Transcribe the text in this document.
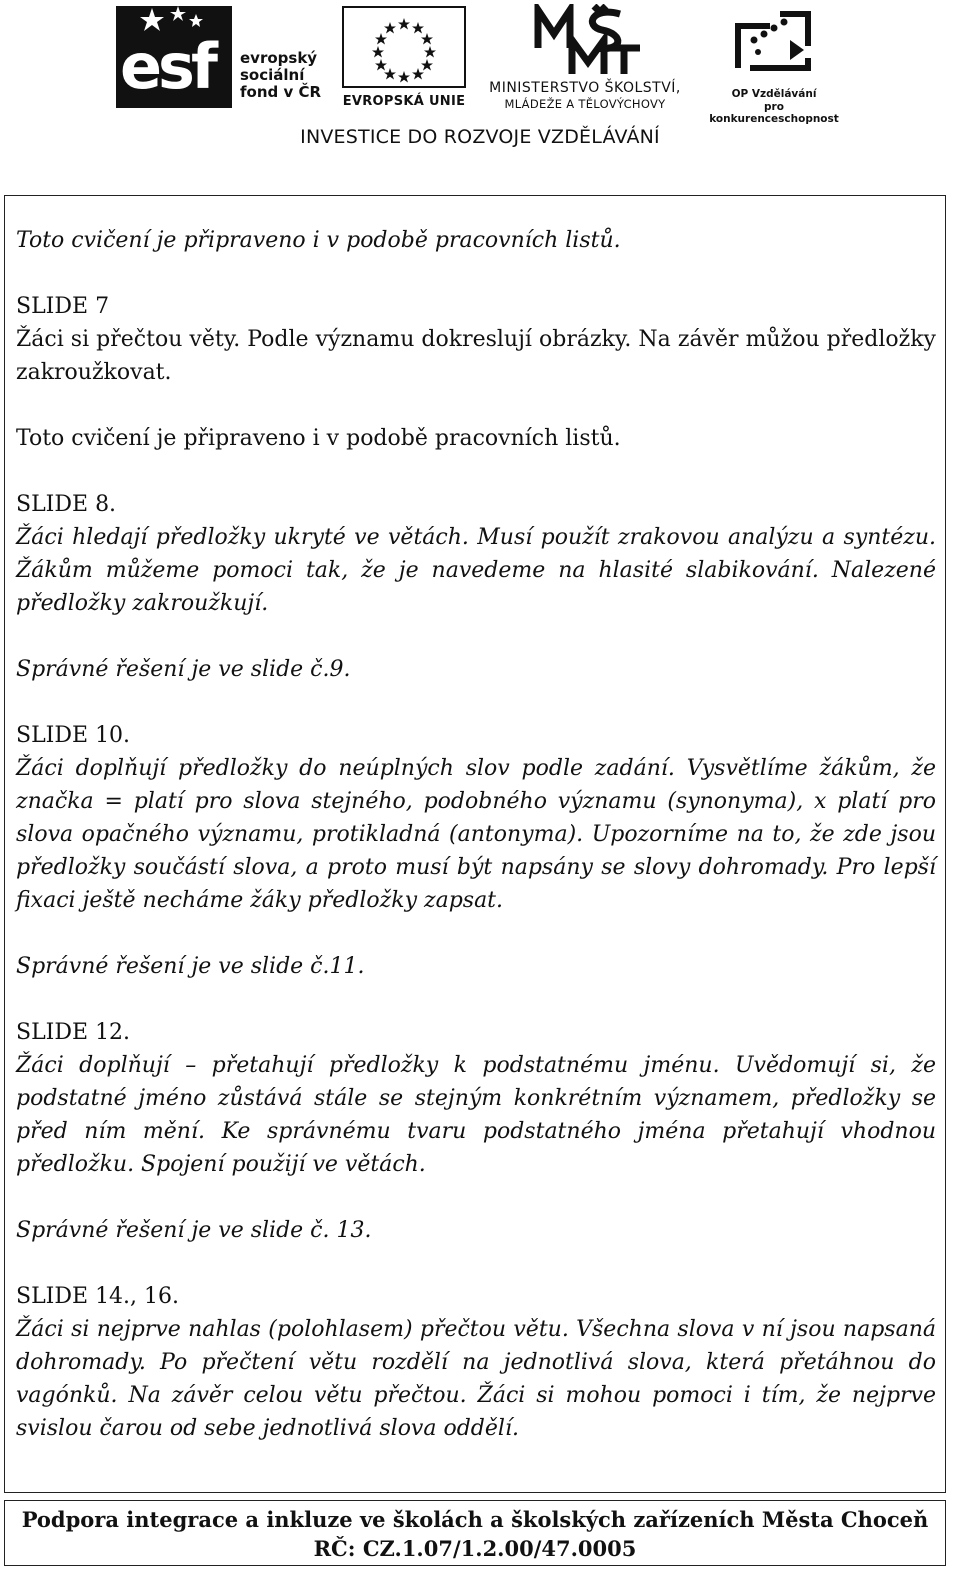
esf evropský
sociální
fond v ČR
EVROPSKÁ UNIE
MINISTERSTVO ŠKOLSTVÍ,
MLÁDEŽE A TĚLOVÝCHOVY
OP Vzdělávání
pro konkurenceschopnost
INVESTICE DO ROZVOJE VZDĚLÁVÁNÍ

Toto cvičení je připraveno i v podobě pracovních listů.

SLIDE 7

Žáci si přečtou věty. Podle významu dokreslují obrázky. Na závěr můžou předložky zakroužkovat.

Toto cvičení je připraveno i v podobě pracovních listů.

SLIDE 8.

Žáci hledají předložky ukryté ve větách. Musí použít zrakovou analýzu a syntézu. Žákům můžeme pomoci tak, že je navedeme na hlasité slabikování. Nalezené předložky zakroužkují.

Správné řešení je ve slide č.9.

SLIDE 10.

Žáci doplňují předložky do neúplných slov podle zadání. Vysvětlíme žákům, že značka = platí pro slova stejného, podobného významu (synonyma), x platí pro slova opačného významu, protikladná (antonyma). Upozorníme na to, že zde jsou předložky součástí slova, a proto musí být napsány se slovy dohromady. Pro lepší fixaci ještě necháme žáky předložky zapsat.

Správné řešení je ve slide č.11.

SLIDE 12.

Žáci doplňují – přetahují předložky k podstatnému jménu. Uvědomují si, že podstatné jméno zůstává stále se stejným konkrétním významem, předložky se před ním mění. Ke správnému tvaru podstatného jména přetahují vhodnou předložku. Spojení použijí ve větách.

Správné řešení je ve slide č. 13.

SLIDE 14., 16.

Žáci si nejprve nahlas (polohlasem) přečtou větu. Všechna slova v ní jsou napsaná dohromady. Po přečtení větu rozdělí na jednotlivá slova, která přetáhnou do vagónků. Na závěr celou větu přečtou. Žáci si mohou pomoci i tím, že nejprve svislou čarou od sebe jednotlivá slova oddělí.

Podpora integrace a inkluze ve školách a školských zařízeních Města Choceň
RČ: CZ.1.07/1.2.00/47.0005
